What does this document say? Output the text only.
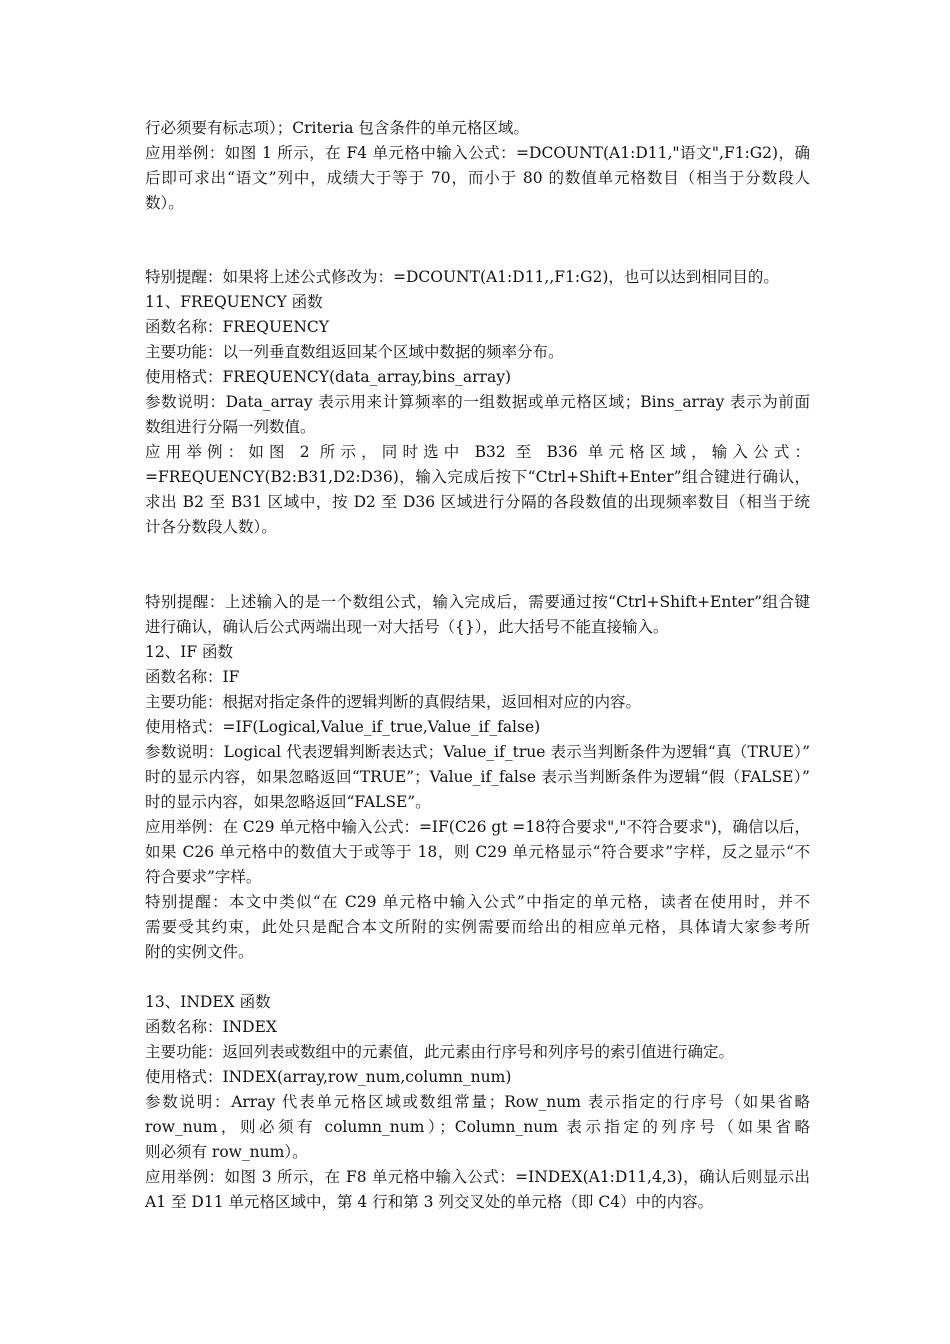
行必须要有标志项）；Criteria 包含条件的单元格区域。
应用举例：如图 1 所示，在 F4 单元格中输入公式：=DCOUNT(A1:D11,"语文",F1:G2)，确
后即可求出“语文”列中，成绩大于等于 70，而小于 80 的数值单元格数目（相当于分数段人
数）。
特别提醒：如果将上述公式修改为：=DCOUNT(A1:D11,,F1:G2)，也可以达到相同目的。
11、FREQUENCY 函数
函数名称：FREQUENCY
主要功能：以一列垂直数组返回某个区域中数据的频率分布。
使用格式：FREQUENCY(data_array,bins_array)
参数说明：Data_array 表示用来计算频率的一组数据或单元格区域；Bins_array 表示为前面
数组进行分隔一列数值。
应用举例：如图 2 所示，同时选中 B32 至 B36 单元格区域，输入公式：
=FREQUENCY(B2:B31,D2:D36)，输入完成后按下“Ctrl+Shift+Enter”组合键进行确认，
求出 B2 至 B31 区域中，按 D2 至 D36 区域进行分隔的各段数值的出现频率数目（相当于统
计各分数段人数）。
特别提醒：上述输入的是一个数组公式，输入完成后，需要通过按“Ctrl+Shift+Enter”组合键
进行确认，确认后公式两端出现一对大括号（{}），此大括号不能直接输入。
12、IF 函数
函数名称：IF
主要功能：根据对指定条件的逻辑判断的真假结果，返回相对应的内容。
使用格式：=IF(Logical,Value_if_true,Value_if_false)
参数说明：Logical 代表逻辑判断表达式；Value_if_true 表示当判断条件为逻辑“真（TRUE）”
时的显示内容，如果忽略返回“TRUE”；Value_if_false 表示当判断条件为逻辑“假（FALSE）”
时的显示内容，如果忽略返回“FALSE”。
应用举例：在 C29 单元格中输入公式：=IF(C26 gt =18符合要求","不符合要求")，确信以后，
如果 C26 单元格中的数值大于或等于 18，则 C29 单元格显示“符合要求”字样，反之显示“不
符合要求”字样。
特别提醒：本文中类似“在 C29 单元格中输入公式”中指定的单元格，读者在使用时，并不
需要受其约束，此处只是配合本文所附的实例需要而给出的相应单元格，具体请大家参考所
附的实例文件。
13、INDEX 函数
函数名称：INDEX
主要功能：返回列表或数组中的元素值，此元素由行序号和列序号的索引值进行确定。
使用格式：INDEX(array,row_num,column_num)
参数说明：Array 代表单元格区域或数组常量；Row_num 表示指定的行序号（如果省略
row_num，则必须有 column_num）；Column_num 表示指定的列序号（如果省略
则必须有 row_num）。
应用举例：如图 3 所示，在 F8 单元格中输入公式：=INDEX(A1:D11,4,3)，确认后则显示出
A1 至 D11 单元格区域中，第 4 行和第 3 列交叉处的单元格（即 C4）中的内容。
